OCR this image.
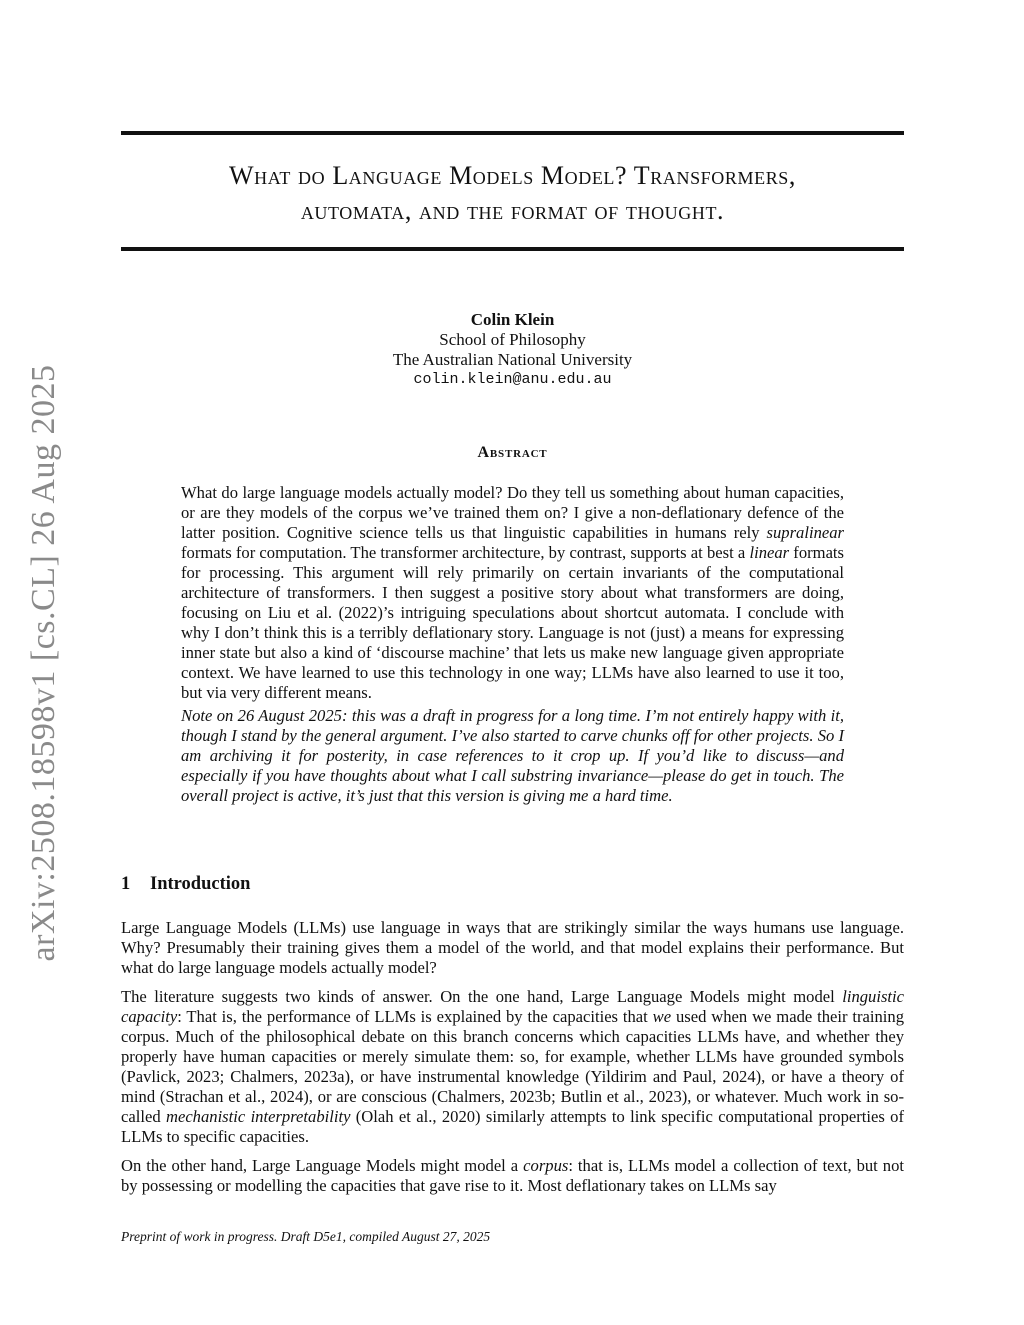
arXiv:2508.18598v1 [cs.CL] 26 Aug 2025
What do Language Models Model? Transformers,
automata, and the format of thought.
Colin Klein
School of Philosophy
The Australian National University
colin.klein@anu.edu.au
Abstract

What do large language models actually model? Do they tell us something about human capacities, or are they models of the corpus we’ve trained them on? I give a non-deflationary defence of the latter position. Cognitive science tells us that linguistic capabilities in humans rely supralinear formats for computation. The transformer architecture, by contrast, supports at best a linear formats for processing. This argument will rely primarily on certain invariants of the computational architecture of transformers. I then suggest a positive story about what transformers are doing, focusing on Liu et al. (2022)’s intriguing speculations about shortcut automata. I conclude with why I don’t think this is a terribly deflationary story. Language is not (just) a means for expressing inner state but also a kind of ‘discourse machine’ that lets us make new language given appropriate context. We have learned to use this technology in one way; LLMs have also learned to use it too, but via very different means.

Note on 26 August 2025: this was a draft in progress for a long time. I’m not entirely happy with it, though I stand by the general argument. I’ve also started to carve chunks off for other projects. So I am archiving it for posterity, in case references to it crop up. If you’d like to discuss—and especially if you have thoughts about what I call substring invariance—please do get in touch. The overall project is active, it’s just that this version is giving me a hard time.

1 Introduction

Large Language Models (LLMs) use language in ways that are strikingly similar the ways humans use language. Why? Presumably their training gives them a model of the world, and that model explains their performance. But what do large language models actually model?

The literature suggests two kinds of answer. On the one hand, Large Language Models might model linguistic capacity: That is, the performance of LLMs is explained by the capacities that we used when we made their training corpus. Much of the philosophical debate on this branch concerns which capacities LLMs have, and whether they properly have human capacities or merely simulate them: so, for example, whether LLMs have grounded symbols (Pavlick, 2023; Chalmers, 2023a), or have instrumental knowledge (Yildirim and Paul, 2024), or have a theory of mind (Strachan et al., 2024), or are conscious (Chalmers, 2023b; Butlin et al., 2023), or whatever. Much work in so-called mechanistic interpretability (Olah et al., 2020) similarly attempts to link specific computational properties of LLMs to specific capacities.

On the other hand, Large Language Models might model a corpus: that is, LLMs model a collection of text, but not by possessing or modelling the capacities that gave rise to it. Most deflationary takes on LLMs say

Preprint of work in progress. Draft D5e1, compiled August 27, 2025
